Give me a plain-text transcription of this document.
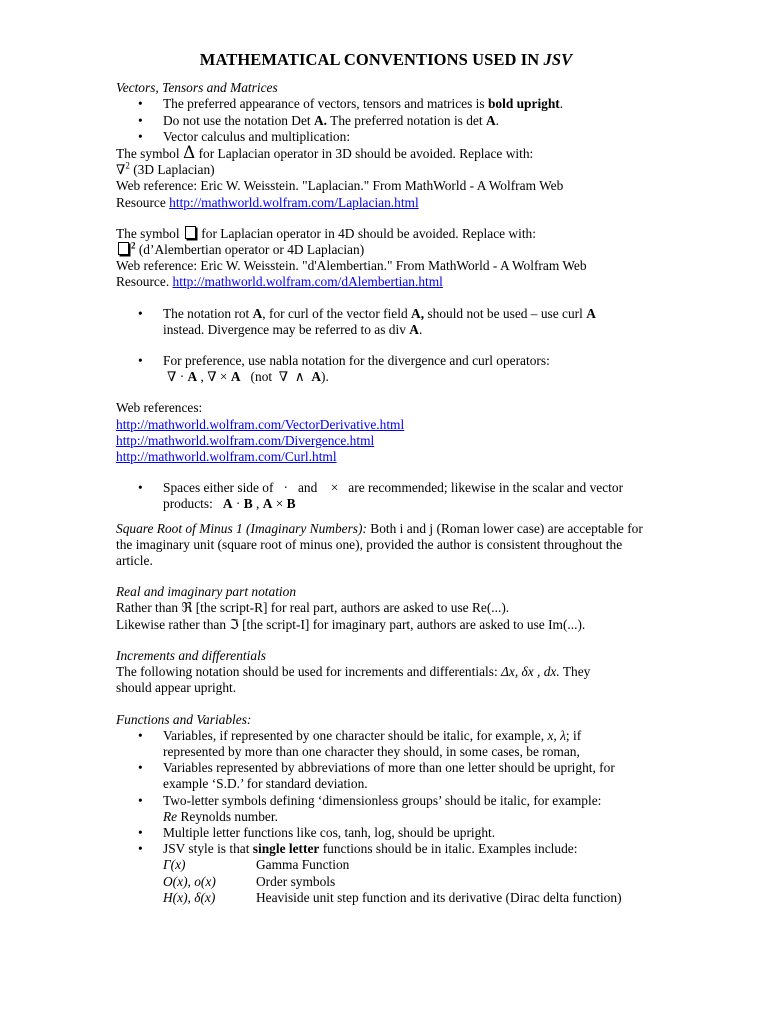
MATHEMATICAL CONVENTIONS USED IN JSV

Vectors, Tensors and Matrices

• The preferred appearance of vectors, tensors and matrices is bold upright.
• Do not use the notation Det A. The preferred notation is det A.
• Vector calculus and multiplication:

The symbol Δ for Laplacian operator in 3D should be avoided. Replace with:

∇$^2$ (3D Laplacian)

Web reference: Eric W. Weisstein. "Laplacian." From MathWorld - A Wolfram Web

Resource http://mathworld.wolfram.com/Laplacian.html

The symbol  for Laplacian operator in 4D should be avoided. Replace with:

$^2$ (d’Alembertian operator or 4D Laplacian)

Web reference: Eric W. Weisstein. "d'Alembertian." From MathWorld - A Wolfram Web

Resource. http://mathworld.wolfram.com/dAlembertian.html

• The notation rot A, for curl of the vector field A, should not be used – use curl A
instead. Divergence may be referred to as div A.
• For preference, use nabla notation for the divergence and curl operators:
∇ · A , ∇ × A   (not  ∇  ∧  A).

Web references:

http://mathworld.wolfram.com/VectorDerivative.html

http://mathworld.wolfram.com/Divergence.html

http://mathworld.wolfram.com/Curl.html

• Spaces either side of   ·   and    ×   are recommended; likewise in the scalar and vector
products:   A · B , A × B

Square Root of Minus 1 (Imaginary Numbers): Both i and j (Roman lower case) are acceptable for the imaginary unit (square root of minus one), provided the author is consistent throughout the article.

Real and imaginary part notation

Rather than ℜ [the script-R] for real part, authors are asked to use Re(...).

Likewise rather than ℑ [the script-I] for imaginary part, authors are asked to use Im(...).

Increments and differentials

The following notation should be used for increments and differentials: Δx, δx , dx. They
should appear upright.

Functions and Variables:

• Variables, if represented by one character should be italic, for example, x, λ; if
represented by more than one character they should, in some cases, be roman,
• Variables represented by abbreviations of more than one letter should be upright, for
example ‘S.D.’ for standard deviation.
• Two-letter symbols defining ‘dimensionless groups’ should be italic, for example:
Re Reynolds number.
• Multiple letter functions like cos, tanh, log, should be upright.
• JSV style is that single letter functions should be in italic. Examples include:
Γ(x)	Gamma Function
O(x), o(x)	Order symbols
H(x), δ(x)	Heaviside unit step function and its derivative (Dirac delta function)
